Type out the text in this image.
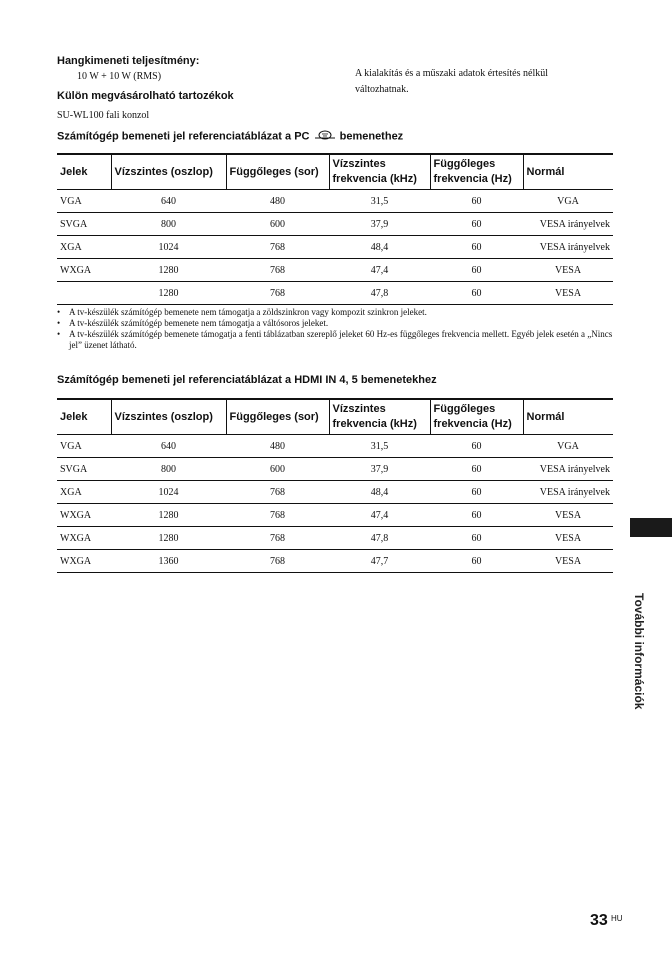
Hangkimeneti teljesítmény:
10 W + 10 W (RMS)
Külön megvásárolható tartozékok
SU-WL100 fali konzol
A kialakítás és a műszaki adatok értesítés nélkül változhatnak.
Számítógép bemeneti jel referenciatáblázat a PC	bemenethez
Jelek	Vízszintes (oszlop)	Függőleges (sor)	Vízszintes frekvencia (kHz)	Függőleges frekvencia (Hz)	Normál
VGA	640	480	31,5	60	VGA
SVGA	800	600	37,9	60	VESA irányelvek
XGA	1024	768	48,4	60	VESA irányelvek
WXGA	1280	768	47,4	60	VESA
	1280	768	47,8	60	VESA
• A tv-készülék számítógép bemenete nem támogatja a zöldszinkron vagy kompozit szinkron jeleket.
• A tv-készülék számítógép bemenete nem támogatja a váltósoros jeleket.
• A tv-készülék számítógép bemenete támogatja a fenti táblázatban szereplő jeleket 60 Hz-es függőleges frekvencia mellett. Egyéb jelek esetén a „Nincs jel” üzenet látható.
Számítógép bemeneti jel referenciatáblázat a HDMI IN 4, 5 bemenetekhez
Jelek	Vízszintes (oszlop)	Függőleges (sor)	Vízszintes frekvencia (kHz)	Függőleges frekvencia (Hz)	Normál
VGA	640	480	31,5	60	VGA
SVGA	800	600	37,9	60	VESA irányelvek
XGA	1024	768	48,4	60	VESA irányelvek
WXGA	1280	768	47,4	60	VESA
WXGA	1280	768	47,8	60	VESA
WXGA	1360	768	47,7	60	VESA
További információk
33 HU
